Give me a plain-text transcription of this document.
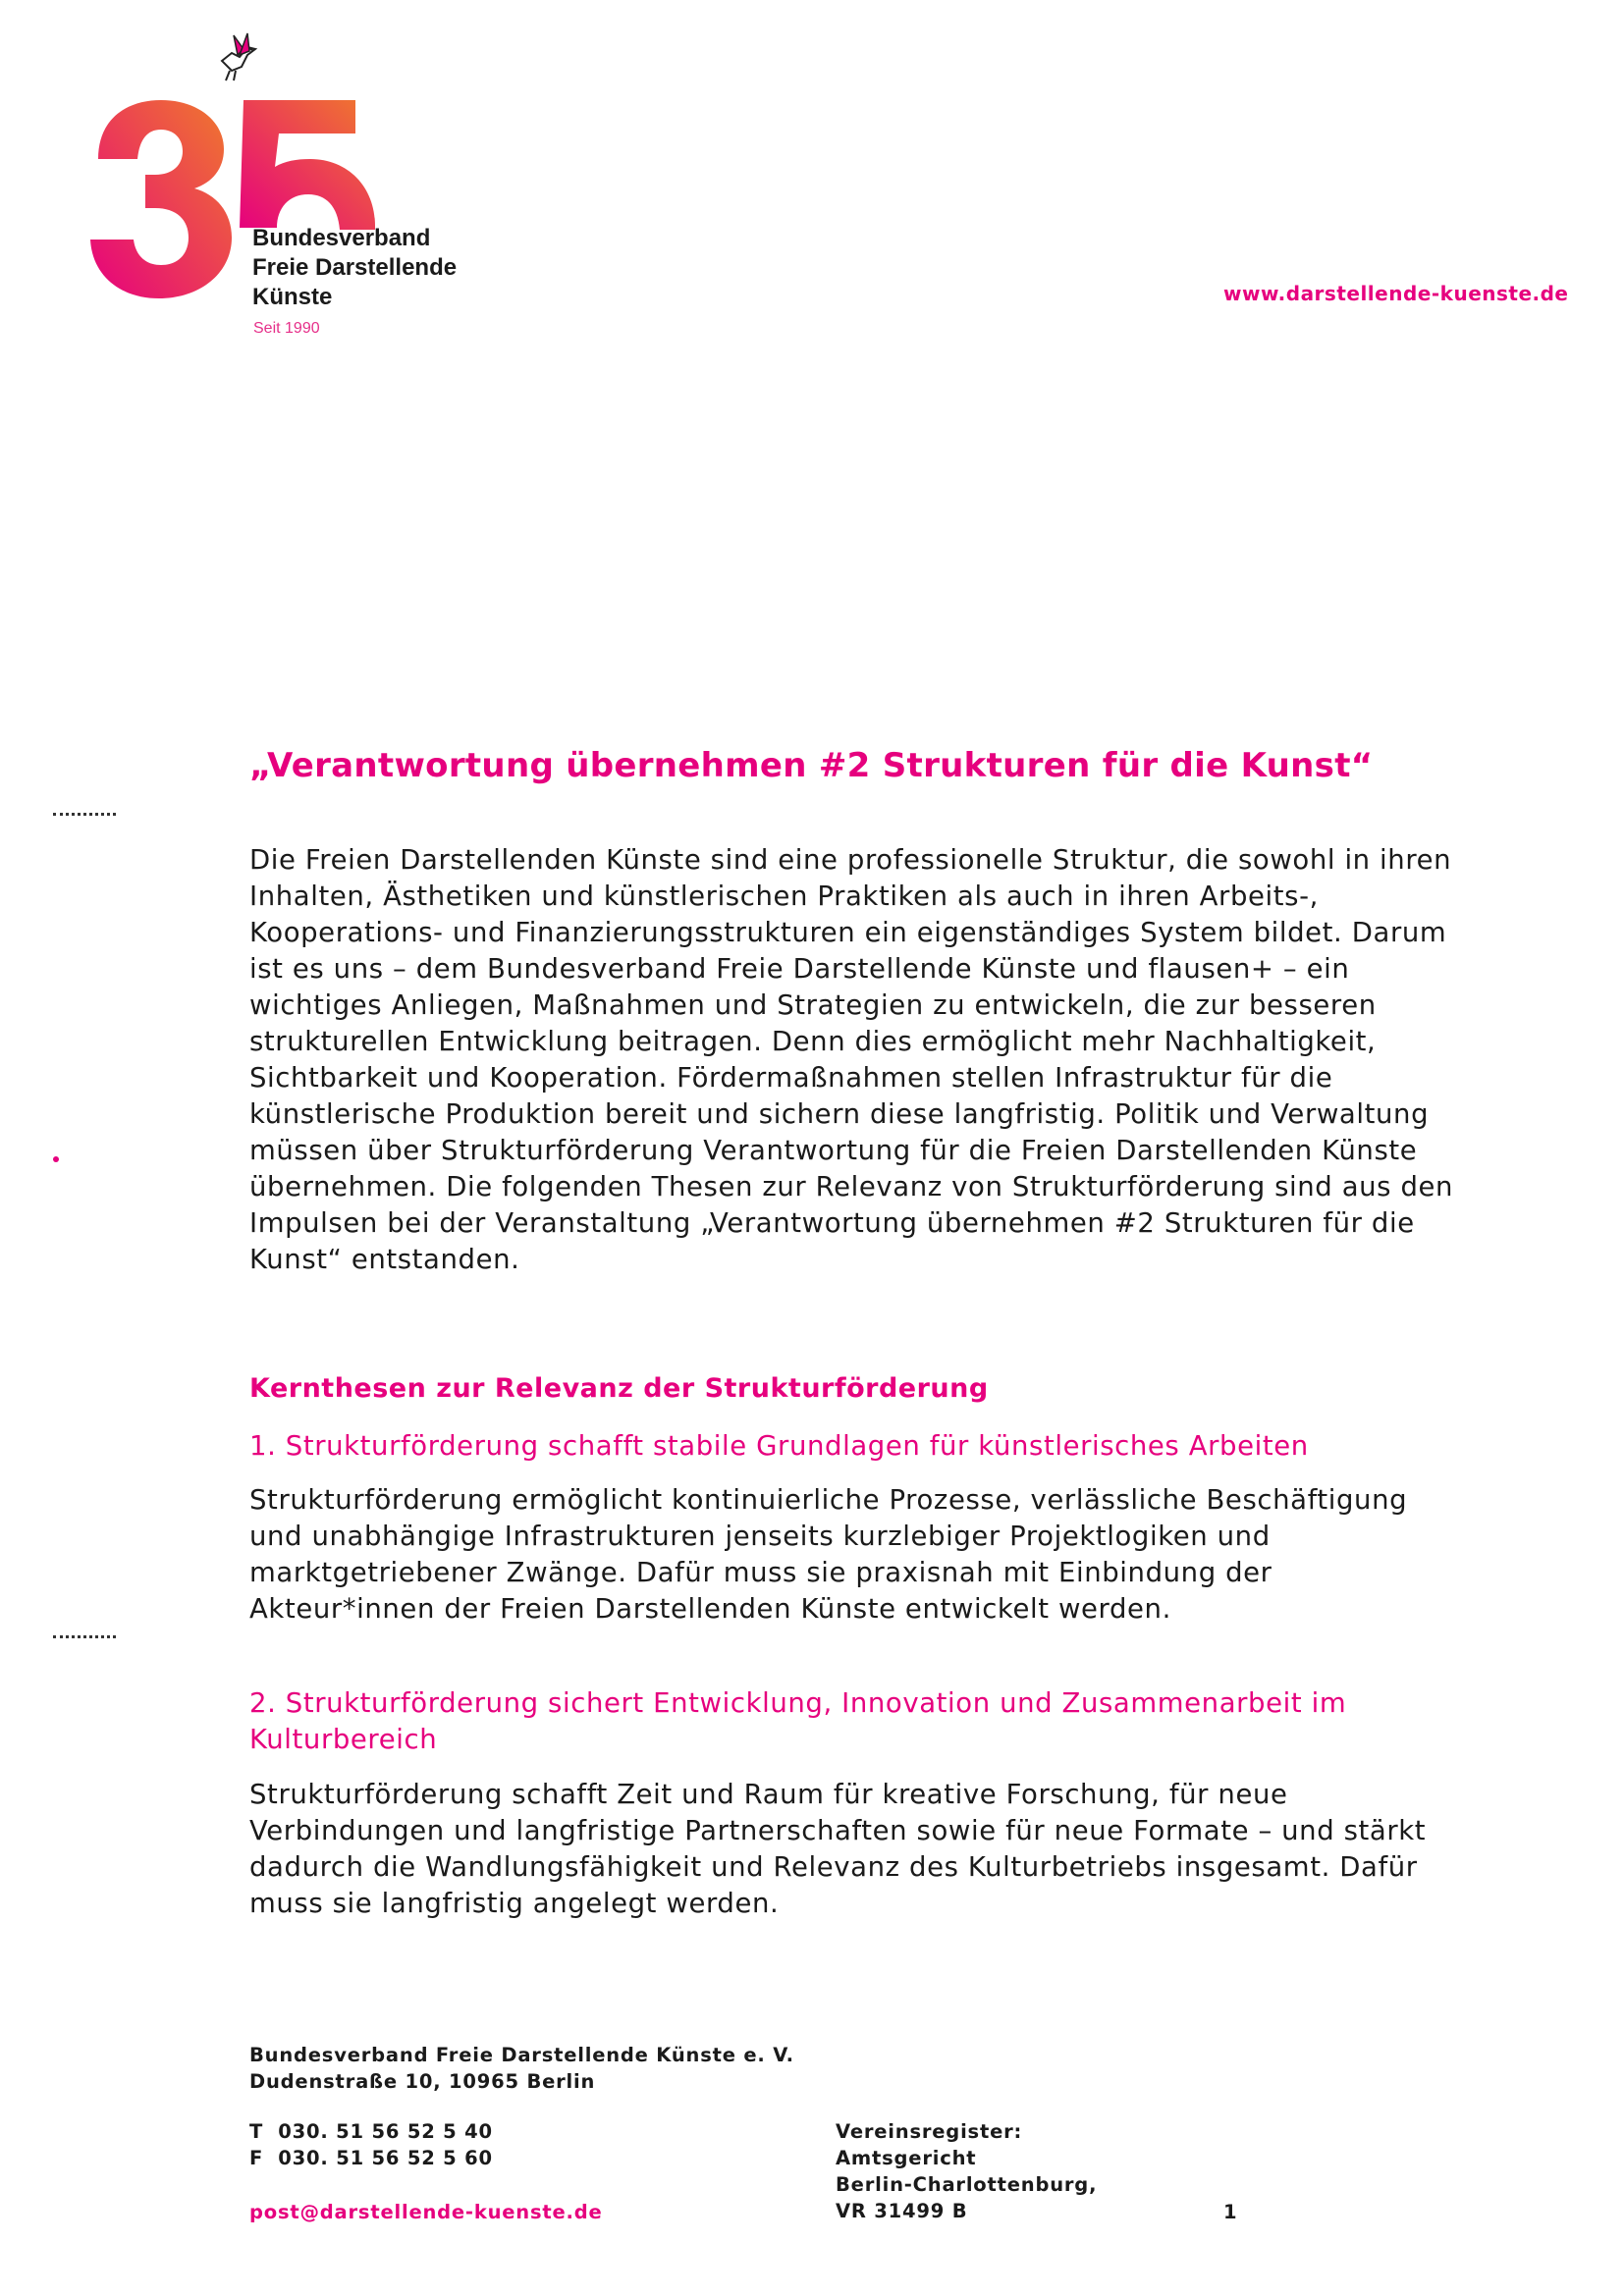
Bundesverband
Freie Darstellende
Künste
Seit 1990
www.darstellende-kuenste.de
„Verantwortung übernehmen #2 Strukturen für die Kunst“
Die Freien Darstellenden Künste sind eine professionelle Struktur, die sowohl in ihren Inhalten, Ästhetiken und künstlerischen Praktiken als auch in ihren Arbeits-, Kooperations- und Finanzierungsstrukturen ein eigenständiges System bildet. Darum ist es uns – dem Bundesverband Freie Darstellende Künste und flausen+ – ein wichtiges Anliegen, Maßnahmen und Strategien zu entwickeln, die zur besseren strukturellen Entwicklung beitragen. Denn dies ermöglicht mehr Nachhaltigkeit, Sichtbarkeit und Kooperation. Fördermaßnahmen stellen Infrastruktur für die künstlerische Produktion bereit und sichern diese langfristig. Politik und Verwaltung müssen über Strukturförderung Verantwortung für die Freien Darstellenden Künste übernehmen. Die folgenden Thesen zur Relevanz von Strukturförderung sind aus den Impulsen bei der Veranstaltung „Verantwortung übernehmen #2 Strukturen für die Kunst“ entstanden.
Kernthesen zur Relevanz der Strukturförderung
1. Strukturförderung schafft stabile Grundlagen für künstlerisches Arbeiten
Strukturförderung ermöglicht kontinuierliche Prozesse, verlässliche Beschäftigung und unabhängige Infrastrukturen jenseits kurzlebiger Projektlogiken und marktgetriebener Zwänge. Dafür muss sie praxisnah mit Einbindung der Akteur*innen der Freien Darstellenden Künste entwickelt werden.
2. Strukturförderung sichert Entwicklung, Innovation und Zusammenarbeit im Kulturbereich
Strukturförderung schafft Zeit und Raum für kreative Forschung, für neue Verbindungen und langfristige Partnerschaften sowie für neue Formate – und stärkt dadurch die Wandlungsfähigkeit und Relevanz des Kulturbetriebs insgesamt. Dafür muss sie langfristig angelegt werden.
Bundesverband Freie Darstellende Künste e. V.
Dudenstraße 10, 10965 Berlin
T  030. 51 56 52 5 40
F  030. 51 56 52 5 60
post@darstellende-kuenste.de
Vereinsregister:
Amtsgericht
Berlin-Charlottenburg,
VR 31499 B	1
